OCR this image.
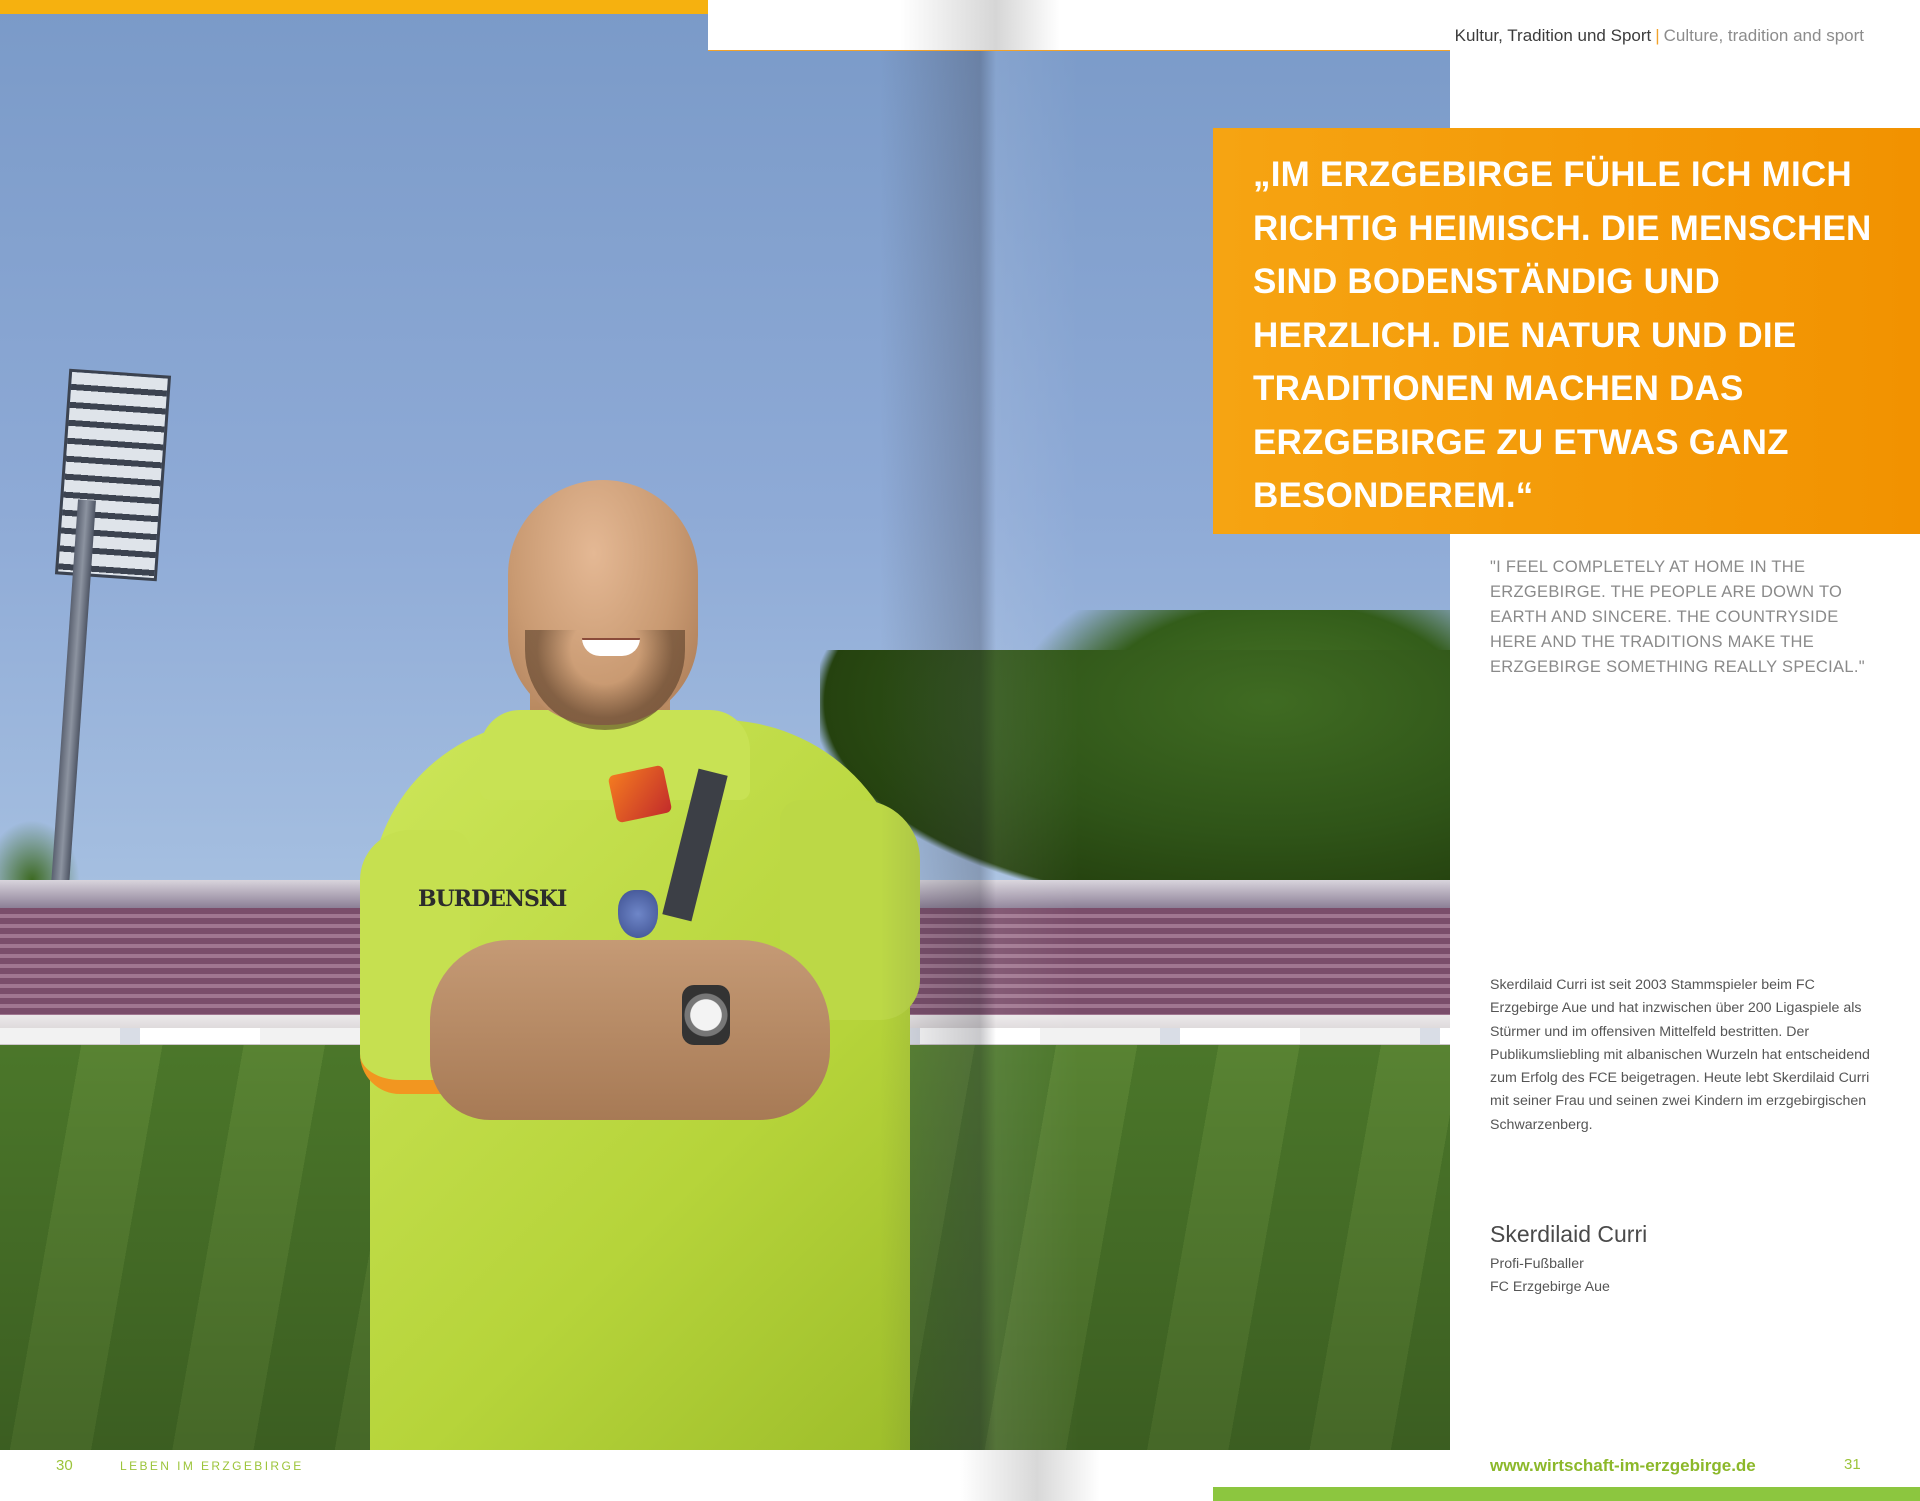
BURDENSKI
Kultur, Tradition und Sport | Culture, tradition and sport

„IM ERZGEBIRGE FÜHLE ICH MICH RICHTIG HEIMISCH. DIE MENSCHEN SIND BODENSTÄNDIG UND HERZLICH. DIE NATUR UND DIE TRADITIONEN MACHEN DAS ERZGEBIRGE ZU ETWAS GANZ BESONDEREM.“

"I FEEL COMPLETELY AT HOME IN THE ERZGEBIRGE. THE PEOPLE ARE DOWN TO EARTH AND SINCERE. THE COUNTRYSIDE HERE AND THE TRADITIONS MAKE THE ERZGEBIRGE SOMETHING REALLY SPECIAL."

Skerdilaid Curri ist seit 2003 Stammspieler beim FC Erzgebirge Aue und hat inzwischen über 200 Ligaspiele als Stürmer und im offensiven Mittelfeld bestritten. Der Publikumsliebling mit albanischen Wurzeln hat entscheidend zum Erfolg des FCE beigetragen. Heute lebt Skerdilaid Curri mit seiner Frau und seinen zwei Kindern im erzgebirgischen Schwarzenberg.

Skerdilaid Curri

Profi-Fußballer
FC Erzgebirge Aue

30	LEBEN IM ERZGEBIRGE	www.wirtschaft-im-erzgebirge.de	31
